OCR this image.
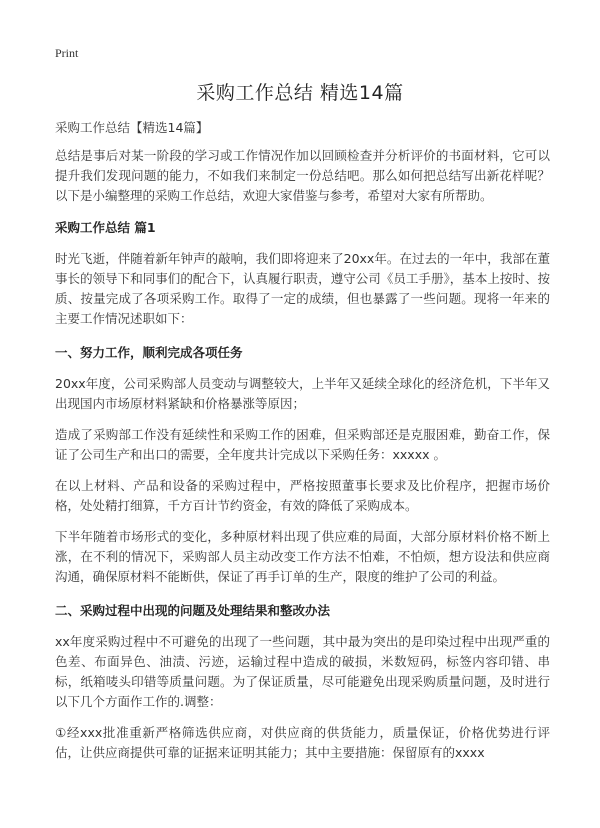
Print
采购工作总结 精选14篇
采购工作总结【精选14篇】

总结是事后对某一阶段的学习或工作情况作加以回顾检查并分析评价的书面材料，它可以提升我们发现问题的能力，不如我们来制定一份总结吧。那么如何把总结写出新花样呢？以下是小编整理的采购工作总结，欢迎大家借鉴与参考，希望对大家有所帮助。

采购工作总结 篇1

时光飞逝，伴随着新年钟声的敲响，我们即将迎来了20xx年。在过去的一年中，我部在董事长的领导下和同事们的配合下，认真履行职责，遵守公司《员工手册》，基本上按时、按质、按量完成了各项采购工作。取得了一定的成绩，但也暴露了一些问题。现将一年来的主要工作情况述职如下：

一、努力工作，顺利完成各项任务

20xx年度，公司采购部人员变动与调整较大，上半年又延续全球化的经济危机，下半年又出现国内市场原材料紧缺和价格暴涨等原因；

造成了采购部工作没有延续性和采购工作的困难，但采购部还是克服困难，勤奋工作，保证了公司生产和出口的需要，全年度共计完成以下采购任务：xxxxx 。

在以上材料、产品和设备的采购过程中，严格按照董事长要求及比价程序，把握市场价格，处处精打细算，千方百计节约资金，有效的降低了采购成本。

下半年随着市场形式的变化，多种原材料出现了供应难的局面，大部分原材料价格不断上涨，在不利的情况下，采购部人员主动改变工作方法不怕难，不怕烦，想方设法和供应商沟通，确保原材料不能断供，保证了再手订单的生产，限度的维护了公司的利益。

二、采购过程中出现的问题及处理结果和整改办法

xx年度采购过程中不可避免的出现了一些问题，其中最为突出的是印染过程中出现严重的色差、布面异色、油渍、污迹，运输过程中造成的破损，米数短码，标签内容印错、串标，纸箱唛头印错等质量问题。为了保证质量，尽可能避免出现采购质量问题，及时进行以下几个方面作工作的.调整：

①经xxx批准重新严格筛选供应商，对供应商的供货能力，质量保证，价格优势进行评估，让供应商提供可靠的证据来证明其能力；其中主要措施：保留原有的xxxx
